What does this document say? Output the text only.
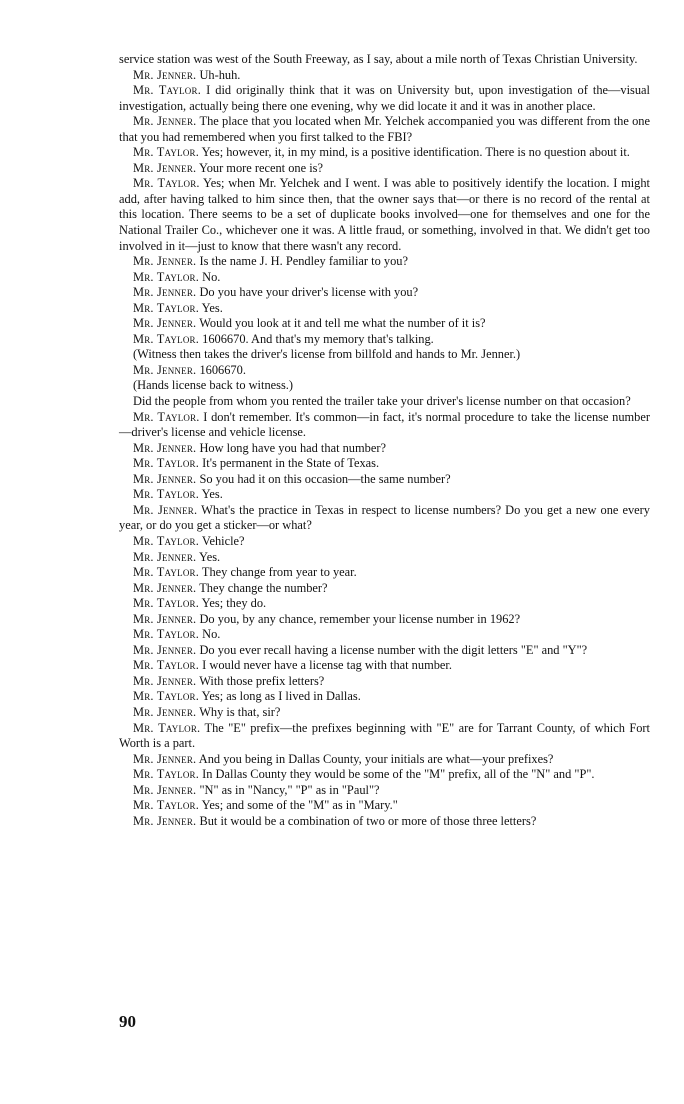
service station was west of the South Freeway, as I say, about a mile north of Texas Christian University.

Mr. Jenner. Uh-huh.

Mr. Taylor. I did originally think that it was on University but, upon investigation of the—visual investigation, actually being there one evening, why we did locate it and it was in another place.

Mr. Jenner. The place that you located when Mr. Yelchek accompanied you was different from the one that you had remembered when you first talked to the FBI?

Mr. Taylor. Yes; however, it, in my mind, is a positive identification. There is no question about it.

Mr. Jenner. Your more recent one is?

Mr. Taylor. Yes; when Mr. Yelchek and I went. I was able to positively identify the location. I might add, after having talked to him since then, that the owner says that—or there is no record of the rental at this location. There seems to be a set of duplicate books involved—one for themselves and one for the National Trailer Co., whichever one it was. A little fraud, or something, involved in that. We didn't get too involved in it—just to know that there wasn't any record.

Mr. Jenner. Is the name J. H. Pendley familiar to you?

Mr. Taylor. No.

Mr. Jenner. Do you have your driver's license with you?

Mr. Taylor. Yes.

Mr. Jenner. Would you look at it and tell me what the number of it is?

Mr. Taylor. 1606670. And that's my memory that's talking.

(Witness then takes the driver's license from billfold and hands to Mr. Jenner.)

Mr. Jenner. 1606670.

(Hands license back to witness.)

Did the people from whom you rented the trailer take your driver's license number on that occasion?

Mr. Taylor. I don't remember. It's common—in fact, it's normal procedure to take the license number—driver's license and vehicle license.

Mr. Jenner. How long have you had that number?

Mr. Taylor. It's permanent in the State of Texas.

Mr. Jenner. So you had it on this occasion—the same number?

Mr. Taylor. Yes.

Mr. Jenner. What's the practice in Texas in respect to license numbers? Do you get a new one every year, or do you get a sticker—or what?

Mr. Taylor. Vehicle?

Mr. Jenner. Yes.

Mr. Taylor. They change from year to year.

Mr. Jenner. They change the number?

Mr. Taylor. Yes; they do.

Mr. Jenner. Do you, by any chance, remember your license number in 1962?

Mr. Taylor. No.

Mr. Jenner. Do you ever recall having a license number with the digit letters "E" and "Y"?

Mr. Taylor. I would never have a license tag with that number.

Mr. Jenner. With those prefix letters?

Mr. Taylor. Yes; as long as I lived in Dallas.

Mr. Jenner. Why is that, sir?

Mr. Taylor. The "E" prefix—the prefixes beginning with "E" are for Tarrant County, of which Fort Worth is a part.

Mr. Jenner. And you being in Dallas County, your initials are what—your prefixes?

Mr. Taylor. In Dallas County they would be some of the "M" prefix, all of the "N" and "P".

Mr. Jenner. "N" as in "Nancy," "P" as in "Paul"?

Mr. Taylor. Yes; and some of the "M" as in "Mary."

Mr. Jenner. But it would be a combination of two or more of those three letters?

90
